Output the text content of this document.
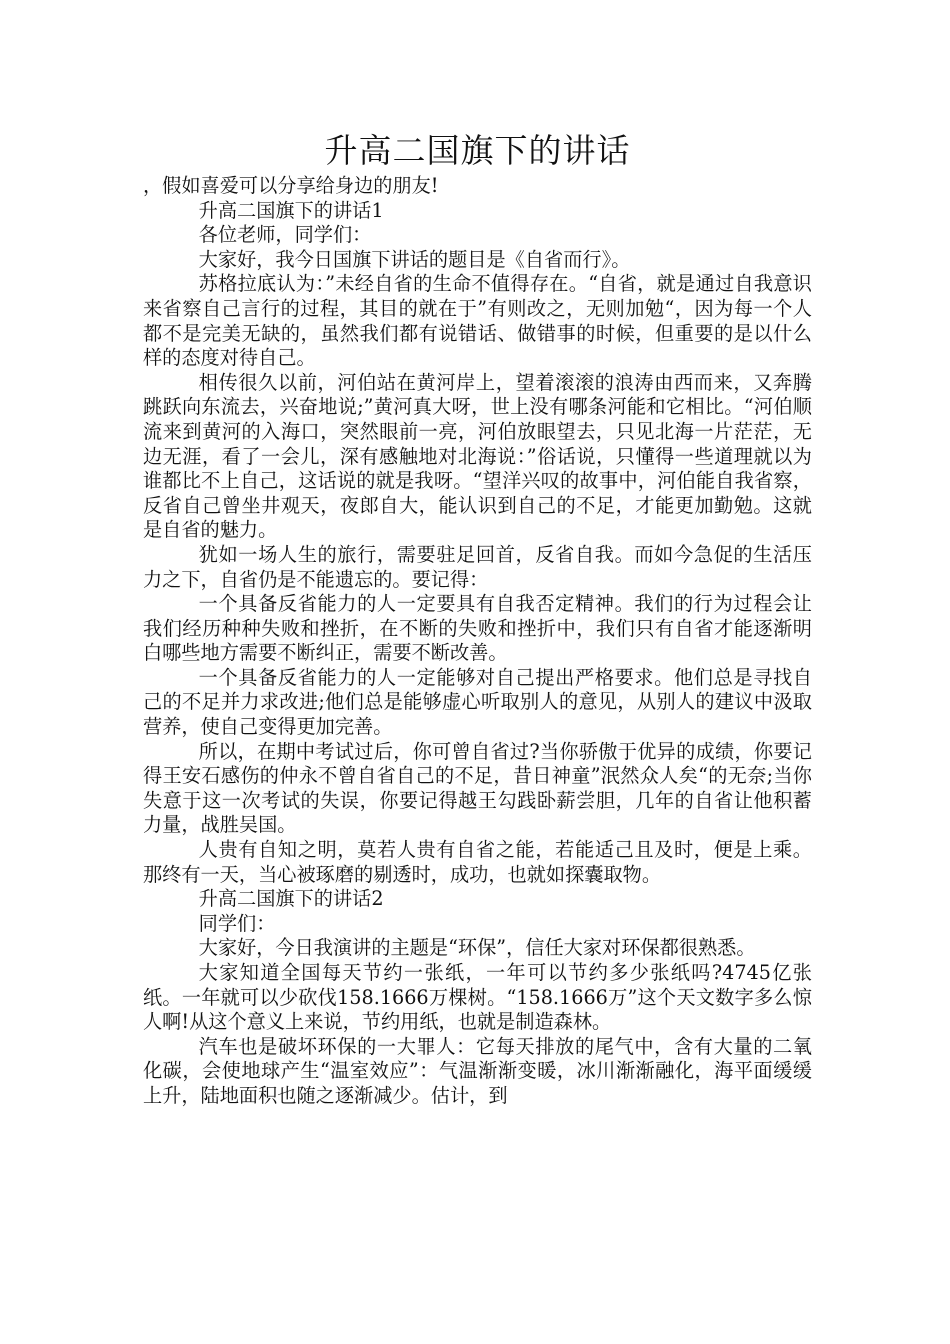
升高二国旗下的讲话

，假如喜爱可以分享给身边的朋友!

升高二国旗下的讲话1

各位老师，同学们：

大家好，我今日国旗下讲话的题目是《自省而行》。

苏格拉底认为：”未经自省的生命不值得存在。“自省，就是通过自我意识来省察自己言行的过程，其目的就在于”有则改之，无则加勉“，因为每一个人都不是完美无缺的，虽然我们都有说错话、做错事的时候，但重要的是以什么样的态度对待自己。

相传很久以前，河伯站在黄河岸上，望着滚滚的浪涛由西而来，又奔腾跳跃向东流去，兴奋地说;”黄河真大呀，世上没有哪条河能和它相比。“河伯顺流来到黄河的入海口，突然眼前一亮，河伯放眼望去，只见北海一片茫茫，无边无涯，看了一会儿，深有感触地对北海说：”俗话说，只懂得一些道理就以为谁都比不上自己，这话说的就是我呀。“望洋兴叹的故事中，河伯能自我省察，反省自己曾坐井观天，夜郎自大，能认识到自己的不足，才能更加勤勉。这就是自省的魅力。

犹如一场人生的旅行，需要驻足回首，反省自我。而如今急促的生活压力之下，自省仍是不能遗忘的。要记得：

一个具备反省能力的人一定要具有自我否定精神。我们的行为过程会让我们经历种种失败和挫折，在不断的失败和挫折中，我们只有自省才能逐渐明白哪些地方需要不断纠正，需要不断改善。

一个具备反省能力的人一定能够对自己提出严格要求。他们总是寻找自己的不足并力求改进;他们总是能够虚心听取别人的意见，从别人的建议中汲取营养，使自己变得更加完善。

所以，在期中考试过后，你可曾自省过?当你骄傲于优异的成绩，你要记得王安石感伤的仲永不曾自省自己的不足，昔日神童”泯然众人矣“的无奈;当你失意于这一次考试的失误，你要记得越王勾践卧薪尝胆，几年的自省让他积蓄力量，战胜吴国。

人贵有自知之明，莫若人贵有自省之能，若能适己且及时，便是上乘。那终有一天，当心被琢磨的剔透时，成功，也就如探囊取物。

升高二国旗下的讲话2

同学们：

大家好，今日我演讲的主题是“环保”，信任大家对环保都很熟悉。

大家知道全国每天节约一张纸，一年可以节约多少张纸吗?4745亿张纸。一年就可以少砍伐158.1666万棵树。“158.1666万”这个天文数字多么惊人啊!从这个意义上来说，节约用纸，也就是制造森林。

汽车也是破坏环保的一大罪人：它每天排放的尾气中，含有大量的二氧化碳，会使地球产生“温室效应”：气温渐渐变暖，冰川渐渐融化，海平面缓缓上升，陆地面积也随之逐渐减少。估计，到
